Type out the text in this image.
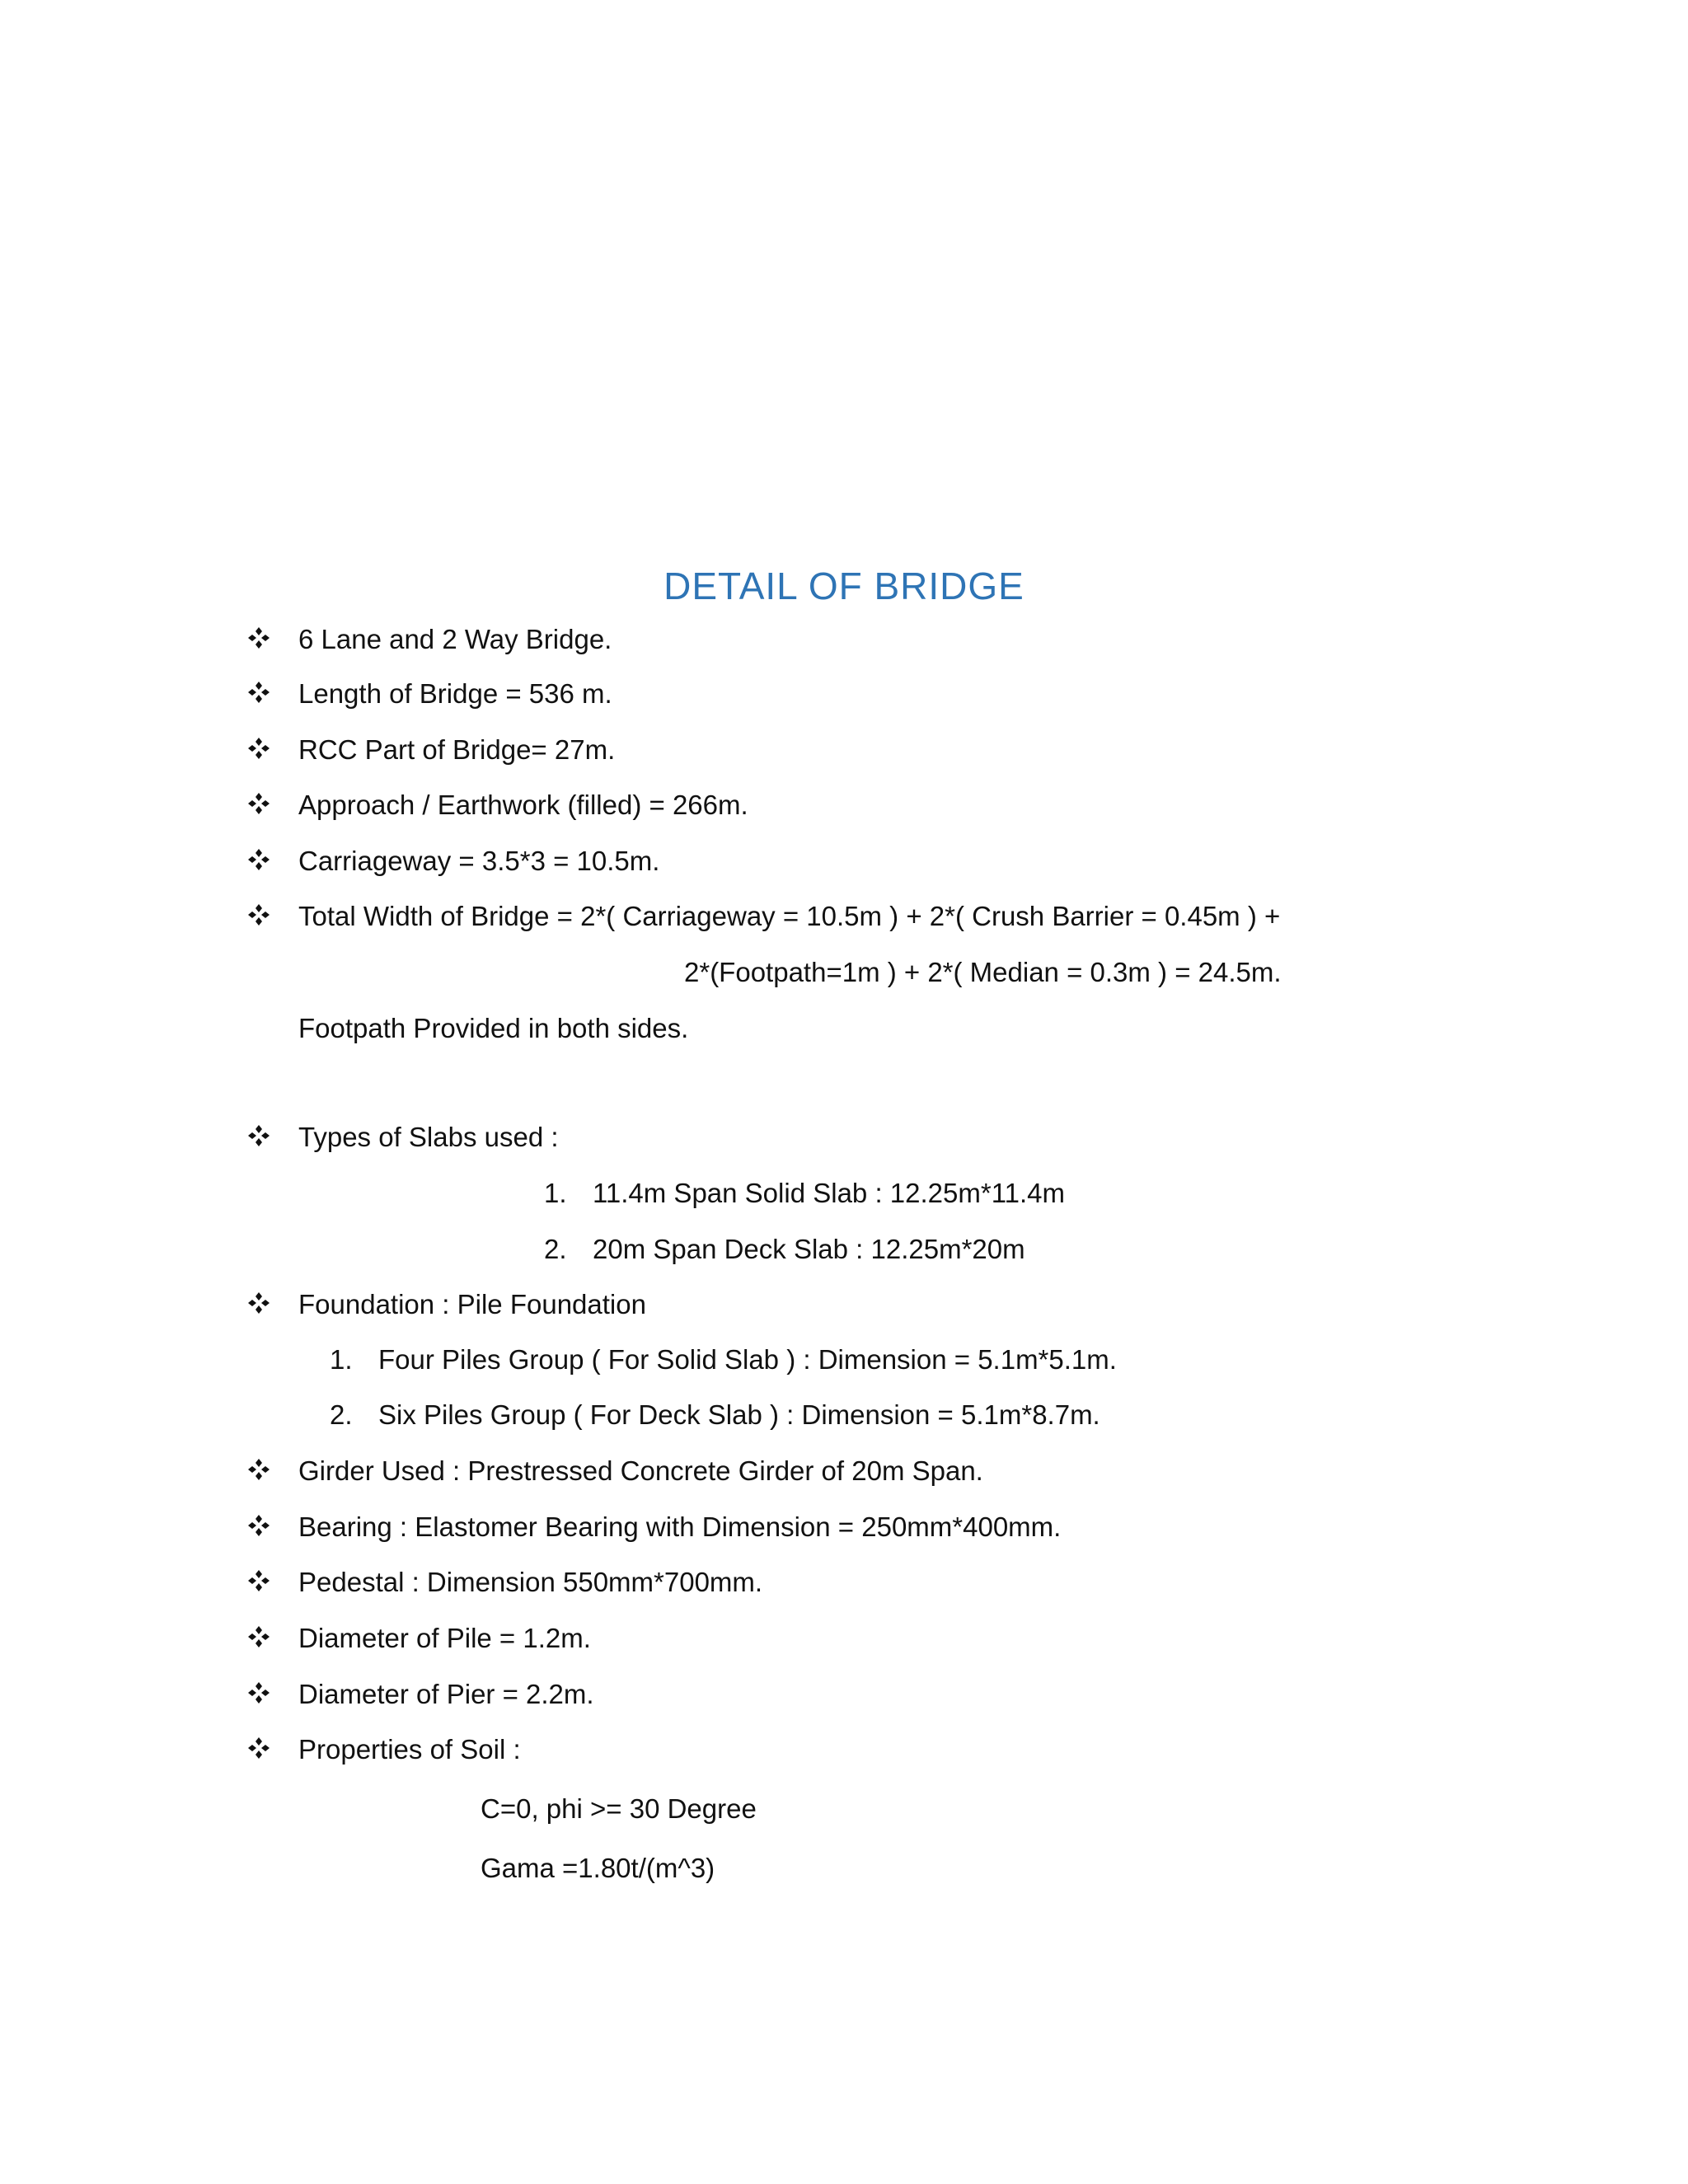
DETAIL OF BRIDGE
6 Lane and 2 Way Bridge.
Length of Bridge = 536 m.
RCC Part of Bridge= 27m.
Approach / Earthwork (filled) = 266m.
Carriageway = 3.5*3 = 10.5m.
Total Width of Bridge = 2*( Carriageway = 10.5m ) + 2*( Crush Barrier = 0.45m ) +
2*(Footpath=1m ) + 2*( Median = 0.3m ) = 24.5m.
Footpath Provided in both sides.
Types of Slabs used :
1. 11.4m Span Solid Slab : 12.25m*11.4m
2. 20m Span Deck Slab : 12.25m*20m
Foundation : Pile Foundation
1. Four Piles Group ( For Solid Slab ) : Dimension = 5.1m*5.1m.
2. Six Piles Group ( For Deck Slab ) : Dimension = 5.1m*8.7m.
Girder Used : Prestressed Concrete Girder of 20m Span.
Bearing : Elastomer Bearing with Dimension = 250mm*400mm.
Pedestal : Dimension 550mm*700mm.
Diameter of Pile = 1.2m.
Diameter of Pier = 2.2m.
Properties of Soil :
C=0, phi >= 30 Degree
Gama =1.80t/(m^3)
